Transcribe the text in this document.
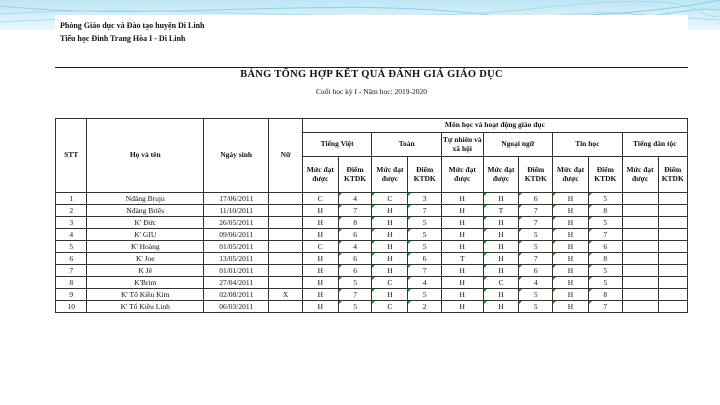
Phòng Giáo dục và Đào tạo huyện Di Linh
Tiểu học Đinh Trang Hòa I - Di Linh
BẢNG TỔNG HỢP KẾT QUẢ ĐÁNH GIÁ GIÁO DỤC
Cuối học kỳ I - Năm học: 2019-2020
STT	Họ và tên	Ngày sinh	Nữ	Môn học và hoạt động giáo dục										
				Tiếng Việt		Toán		Tự nhiên và xã hội	Ngoại ngữ		Tin học		Tiếng dân tộc	
				Mức đạt được	Điểm KTDK	Mức đạt được	Điểm KTDK	Mức đạt được	Mức đạt được	Điểm KTDK	Mức đạt được	Điểm KTDK	Mức đạt được	Điểm KTDK
1	Nđàng Bruju	17/06/2011		C	4	C	3	H	H	6	H	5		
2	Nđàng Briês	11/10/2011		H	7	H	7	H	T	7	H	8		
3	K' Đức	26/05/2011		H	8	H	5	H	H	7	H	5		
4	K' GIU	09/06/2011		H	6	H	5	H	H	5	H	7		
5	K' Hoàng	01/05/2011		C	4	H	5	H	H	5	H	6		
6	K' Joe	13/05/2011		H	6	H	6	T	H	7	H	8		
7	K Jê	01/01/2011		H	6	H	7	H	H	6	H	5		
8	K'Brim	27/04/2011		H	5	C	4	H	C	4	H	5		
9	K' Tổ Kiều Kim	02/08/2011	X	H	7	H	5	H	H	5	H	8		
10	K' Tổ Kiều Linh	06/03/2011		H	5	C	2	H	H	5	H	7		
